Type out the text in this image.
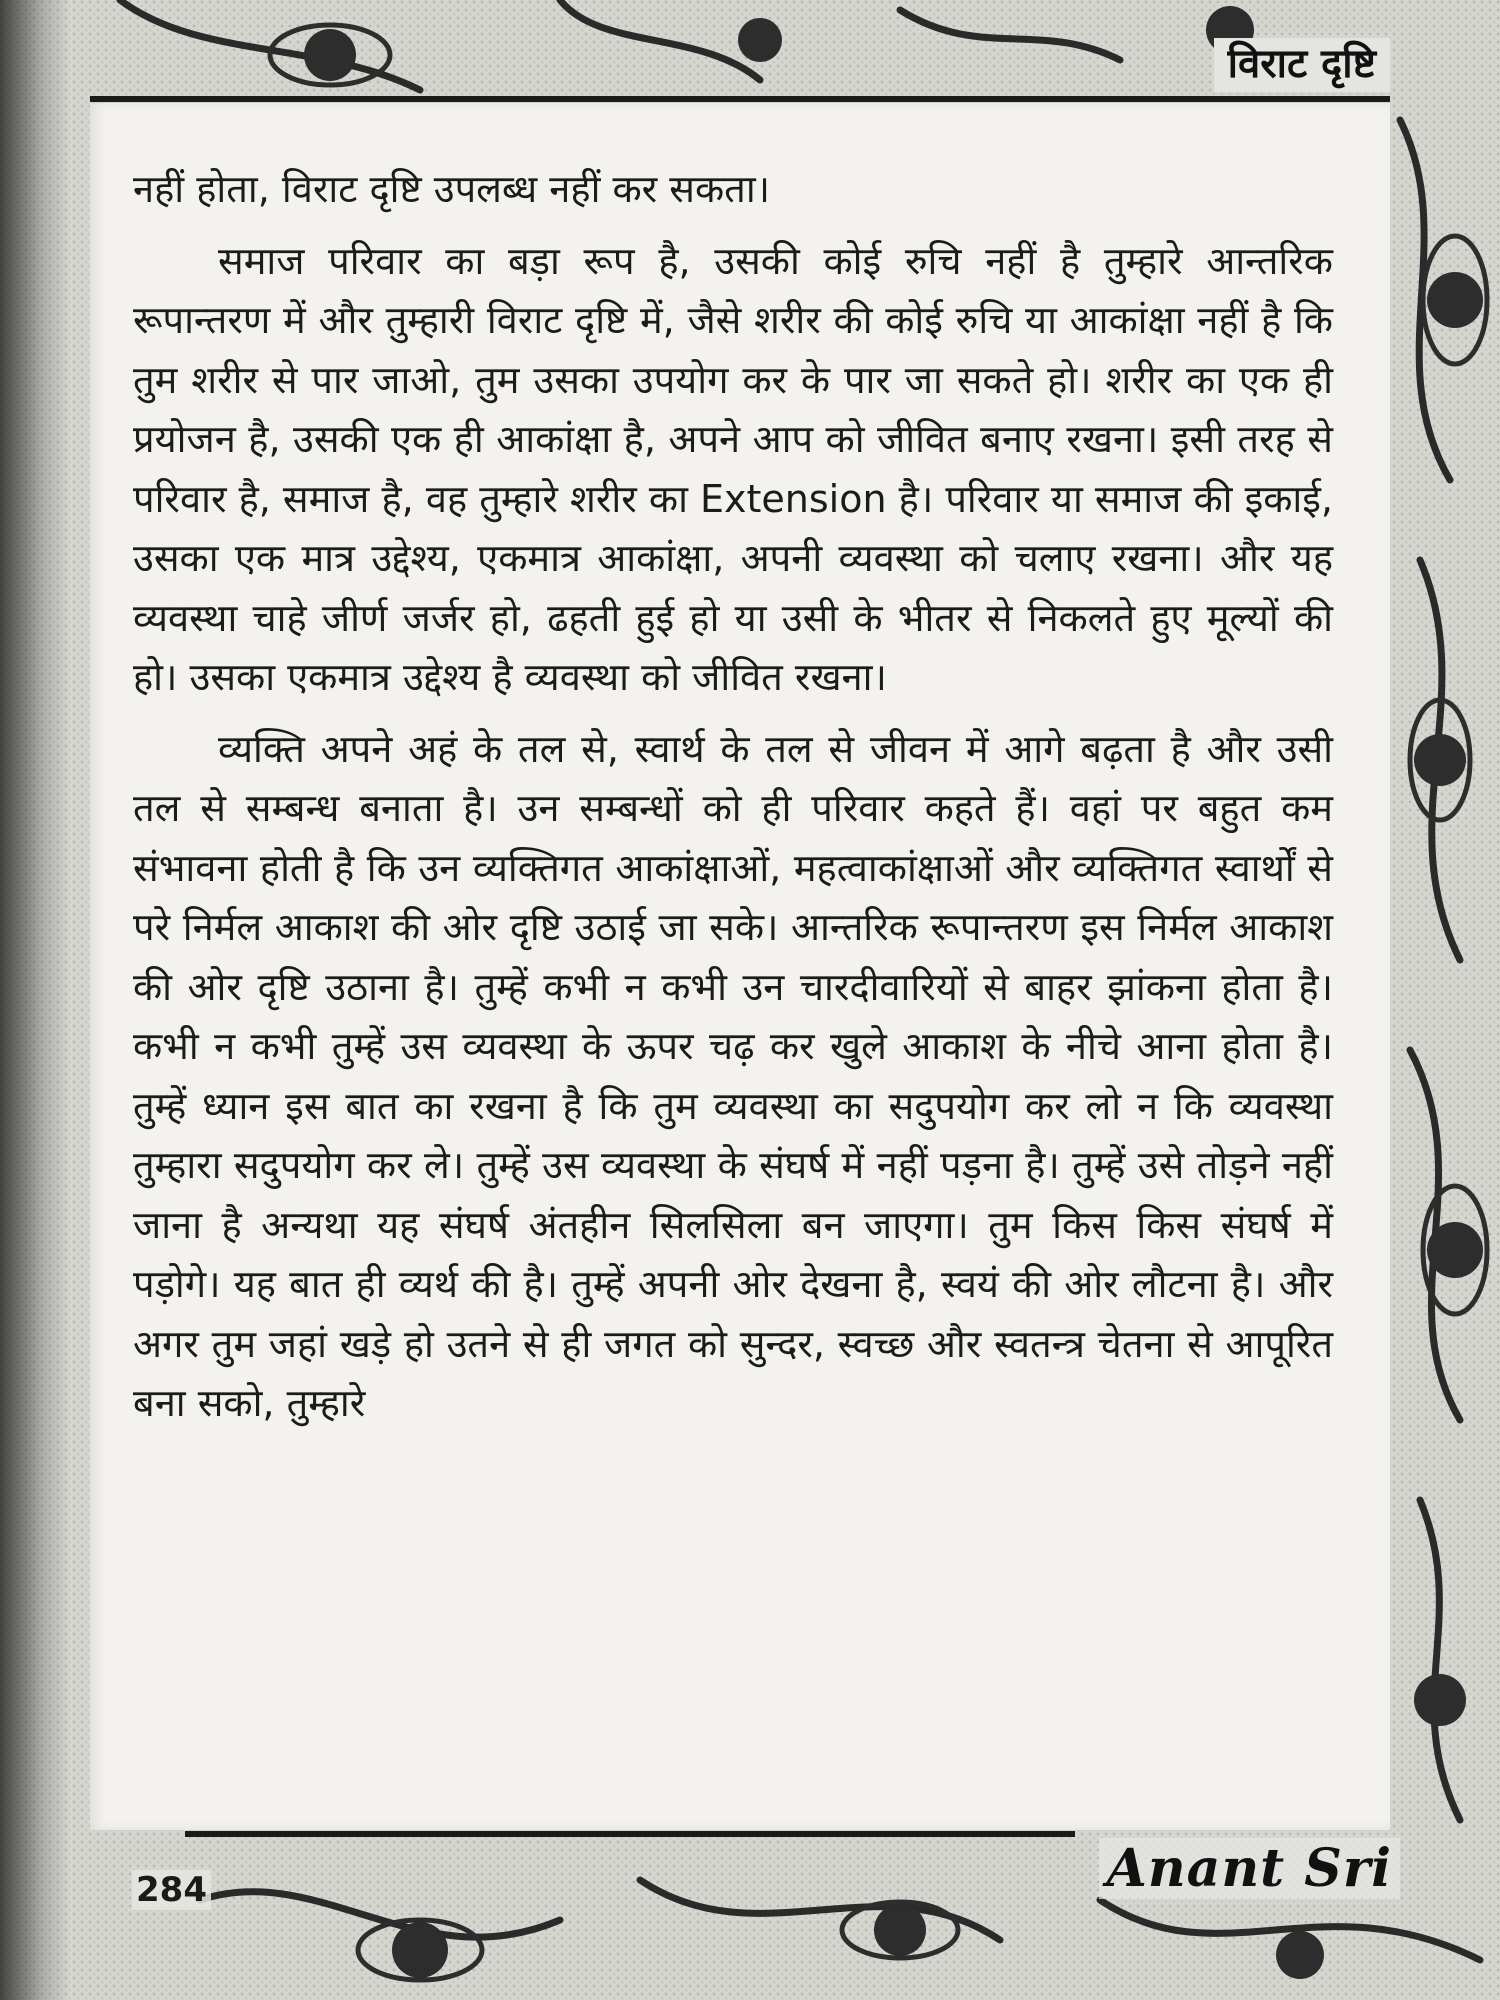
विराट दृष्टि

नहीं होता, विराट दृष्टि उपलब्ध नहीं कर सकता।

समाज परिवार का बड़ा रूप है, उसकी कोई रुचि नहीं है तुम्हारे आन्तरिक रूपान्तरण में और तुम्हारी विराट दृष्टि में, जैसे शरीर की कोई रुचि या आकांक्षा नहीं है कि तुम शरीर से पार जाओ, तुम उसका उपयोग कर के पार जा सकते हो। शरीर का एक ही प्रयोजन है, उसकी एक ही आकांक्षा है, अपने आप को जीवित बनाए रखना। इसी तरह से परिवार है, समाज है, वह तुम्हारे शरीर का Extension है। परिवार या समाज की इकाई, उसका एक मात्र उद्देश्य, एकमात्र आकांक्षा, अपनी व्यवस्था को चलाए रखना। और यह व्यवस्था चाहे जीर्ण जर्जर हो, ढहती हुई हो या उसी के भीतर से निकलते हुए मूल्यों की हो। उसका एकमात्र उद्देश्य है व्यवस्था को जीवित रखना।

व्यक्ति अपने अहं के तल से, स्वार्थ के तल से जीवन में आगे बढ़ता है और उसी तल से सम्बन्ध बनाता है। उन सम्बन्धों को ही परिवार कहते हैं। वहां पर बहुत कम संभावना होती है कि उन व्यक्तिगत आकांक्षाओं, महत्वाकांक्षाओं और व्यक्तिगत स्वार्थों से परे निर्मल आकाश की ओर दृष्टि उठाई जा सके। आन्तरिक रूपान्तरण इस निर्मल आकाश की ओर दृष्टि उठाना है। तुम्हें कभी न कभी उन चारदीवारियों से बाहर झांकना होता है। कभी न कभी तुम्हें उस व्यवस्था के ऊपर चढ़ कर खुले आकाश के नीचे आना होता है। तुम्हें ध्यान इस बात का रखना है कि तुम व्यवस्था का सदुपयोग कर लो न कि व्यवस्था तुम्हारा सदुपयोग कर ले। तुम्हें उस व्यवस्था के संघर्ष में नहीं पड़ना है। तुम्हें उसे तोड़ने नहीं जाना है अन्यथा यह संघर्ष अंतहीन सिलसिला बन जाएगा। तुम किस किस संघर्ष में पड़ोगे। यह बात ही व्यर्थ की है। तुम्हें अपनी ओर देखना है, स्वयं की ओर लौटना है। और अगर तुम जहां खड़े हो उतने से ही जगत को सुन्दर, स्वच्छ और स्वतन्त्र चेतना से आपूरित बना सको, तुम्हारे

284	Anant Sri
